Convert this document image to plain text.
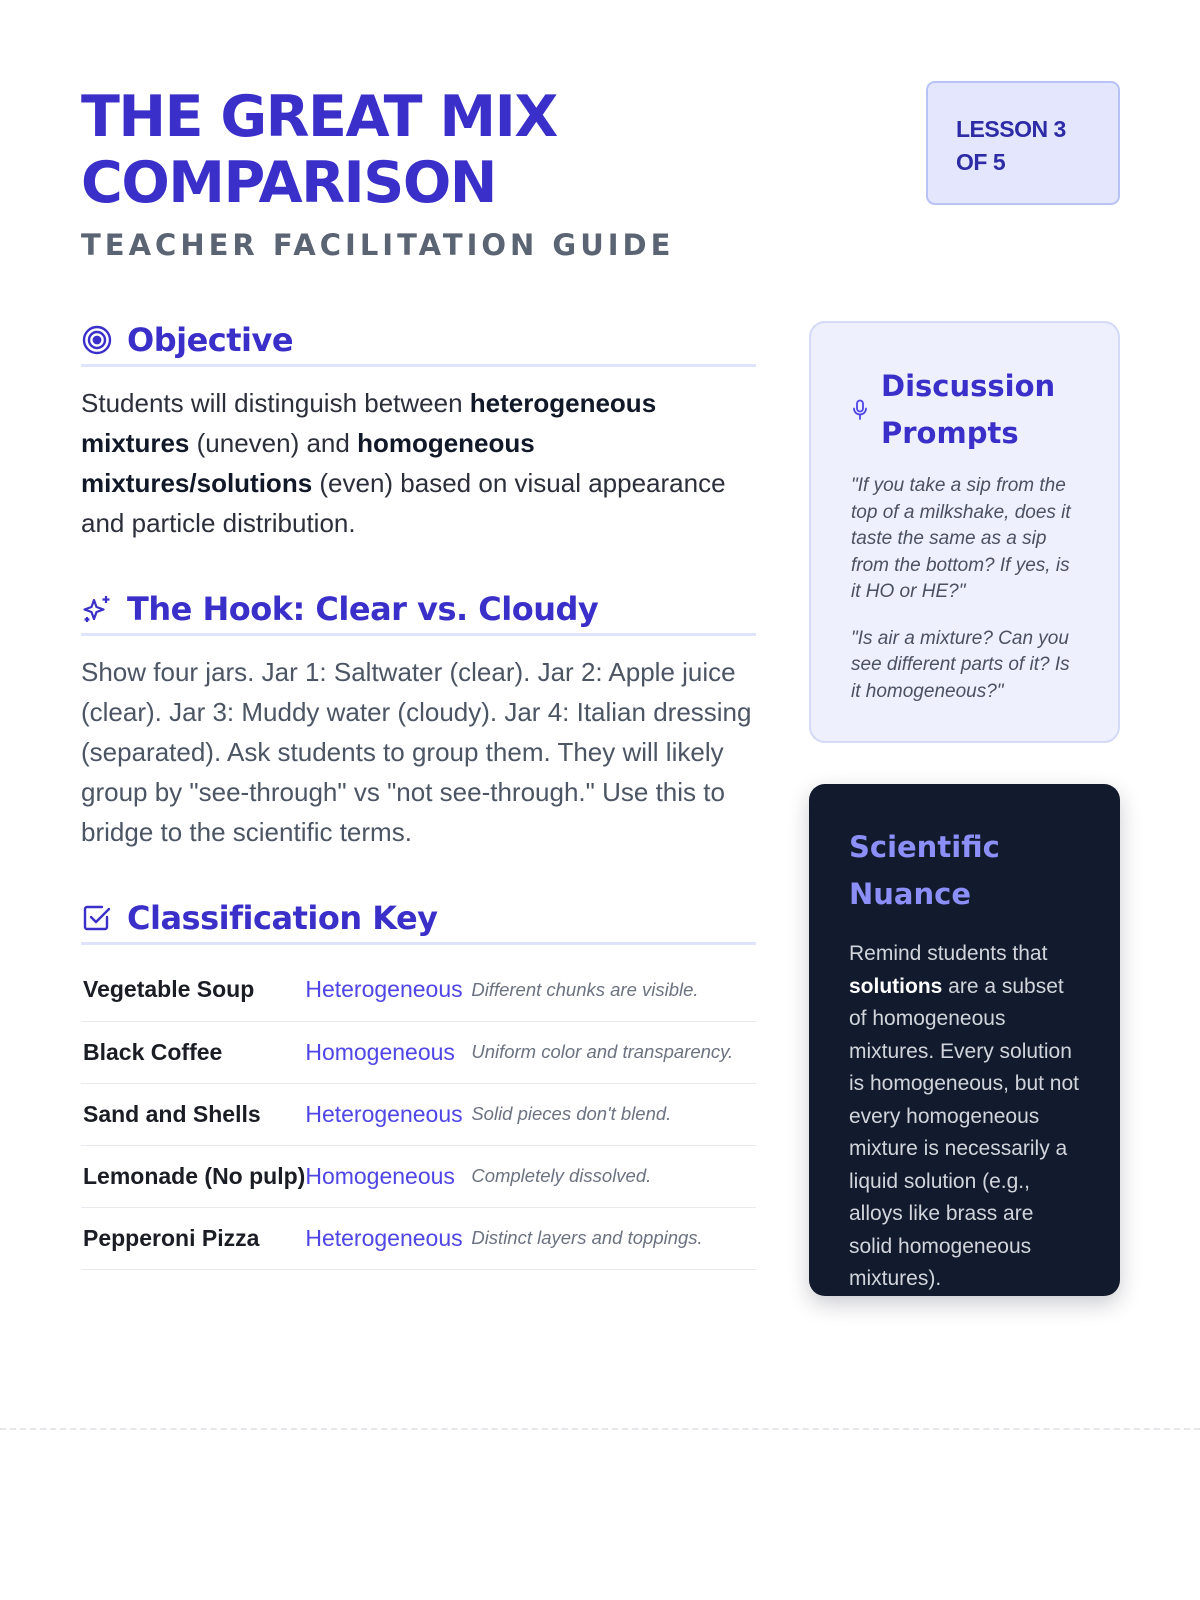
THE GREAT MIX
COMPARISON
TEACHER FACILITATION GUIDE
LESSON 3 OF 5
Objective

Students will distinguish between heterogeneous mixtures (uneven) and homogeneous mixtures/solutions (even) based on visual appearance and particle distribution.

The Hook: Clear vs. Cloudy

Show four jars. Jar 1: Saltwater (clear). Jar 2: Apple juice (clear). Jar 3: Muddy water (cloudy). Jar 4: Italian dressing (separated). Ask students to group them. They will likely group by "see-through" vs "not see-through." Use this to bridge to the scientific terms.

Classification Key
Vegetable Soup	Heterogeneous	Different chunks are visible.
Black Coffee	Homogeneous	Uniform color and transparency.
Sand and Shells	Heterogeneous	Solid pieces don't blend.
Lemonade (No pulp)	Homogeneous	Completely dissolved.
Pepperoni Pizza	Heterogeneous	Distinct layers and toppings.
Discussion Prompts

"If you take a sip from the top of a milkshake, does it taste the same as a sip from the bottom? If yes, is it HO or HE?"

"Is air a mixture? Can you see different parts of it? Is it homogeneous?"

Scientific Nuance

Remind students that solutions are a subset of homogeneous mixtures. Every solution is homogeneous, but not every homogeneous mixture is necessarily a liquid solution (e.g., alloys like brass are solid homogeneous mixtures).
